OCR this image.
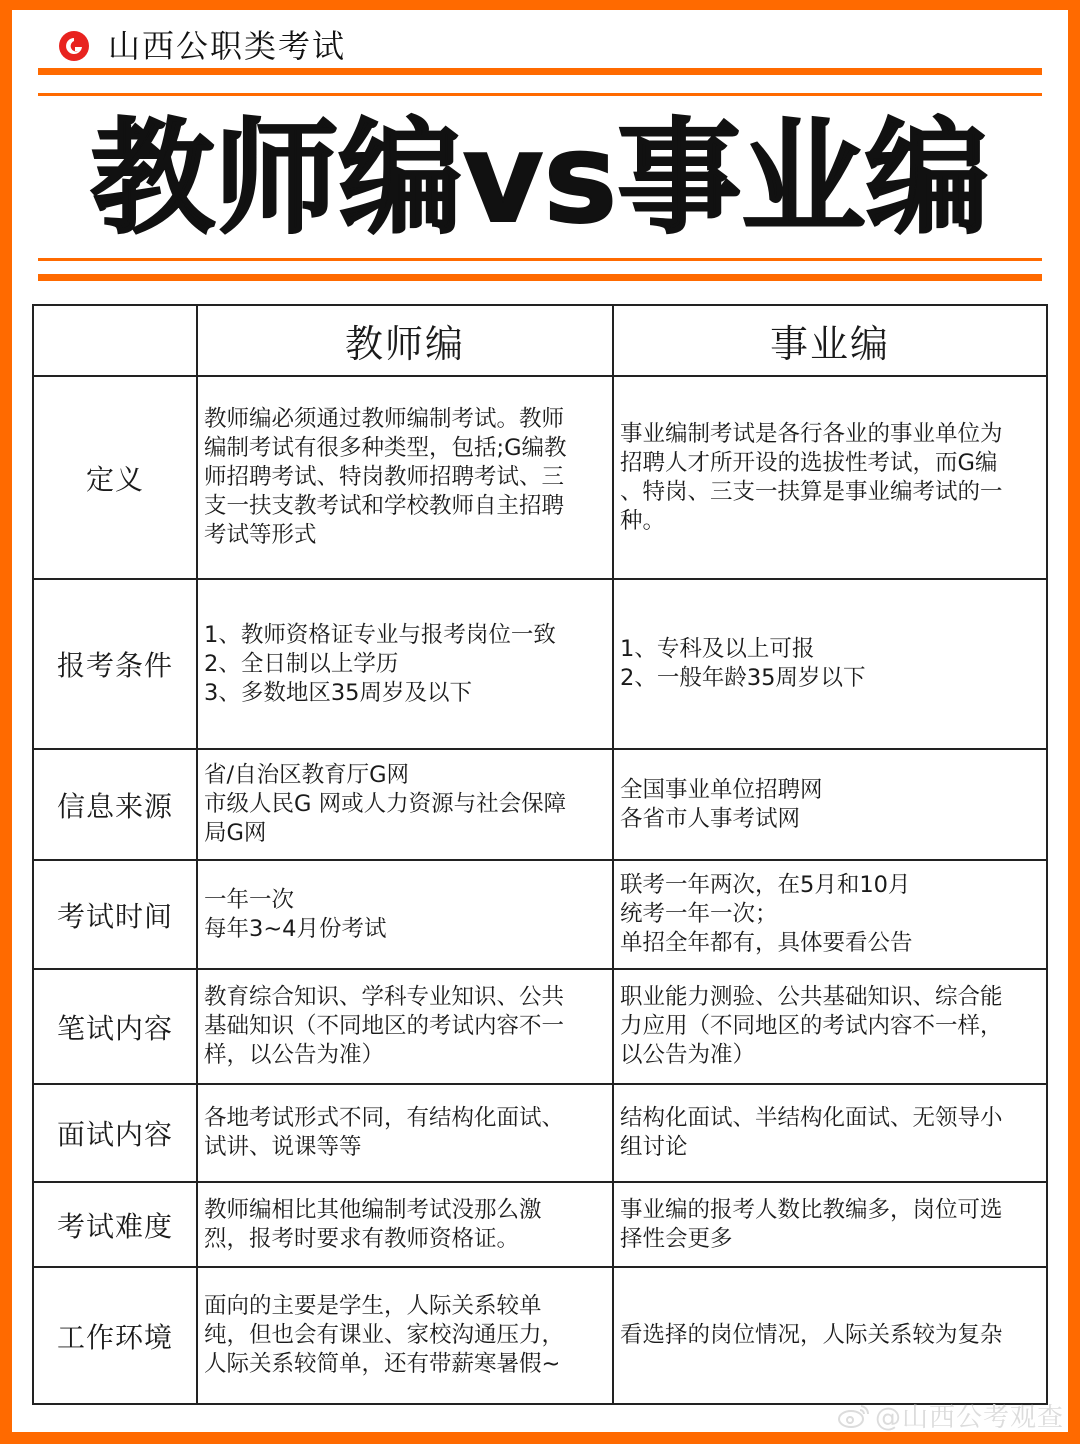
山西公职类考试
教师编vs事业编
	教师编	事业编
定义	教师编必须通过教师编制考试。教师
编制考试有很多种类型，包括;G编教
师招聘考试、特岗教师招聘考试、三
支一扶支教考试和学校教师自主招聘
考试等形式	事业编制考试是各行各业的事业单位为
招聘人才所开设的选拔性考试，而G编
、特岗、三支一扶算是事业编考试的一
种。
报考条件	1、教师资格证专业与报考岗位一致
2、全日制以上学历
3、多数地区35周岁及以下	1、专科及以上可报
2、一般年龄35周岁以下
信息来源	省/自治区教育厅G网
市级人民G 网或人力资源与社会保障
局G网	全国事业单位招聘网
各省市人事考试网
考试时间	一年一次
每年3~4月份考试	联考一年两次，在5月和10月
统考一年一次；
单招全年都有，具体要看公告
笔试内容	教育综合知识、学科专业知识、公共
基础知识（不同地区的考试内容不一
样，以公告为准）	职业能力测验、公共基础知识、综合能
力应用（不同地区的考试内容不一样，
以公告为准）
面试内容	各地考试形式不同，有结构化面试、
试讲、说课等等	结构化面试、半结构化面试、无领导小
组讨论
考试难度	教师编相比其他编制考试没那么激
烈，报考时要求有教师资格证。	事业编的报考人数比教编多，岗位可选
择性会更多
工作环境	面向的主要是学生，人际关系较单
纯，但也会有课业、家校沟通压力，
人际关系较简单，还有带薪寒暑假~	看选择的岗位情况，人际关系较为复杂
@山西公考观查
